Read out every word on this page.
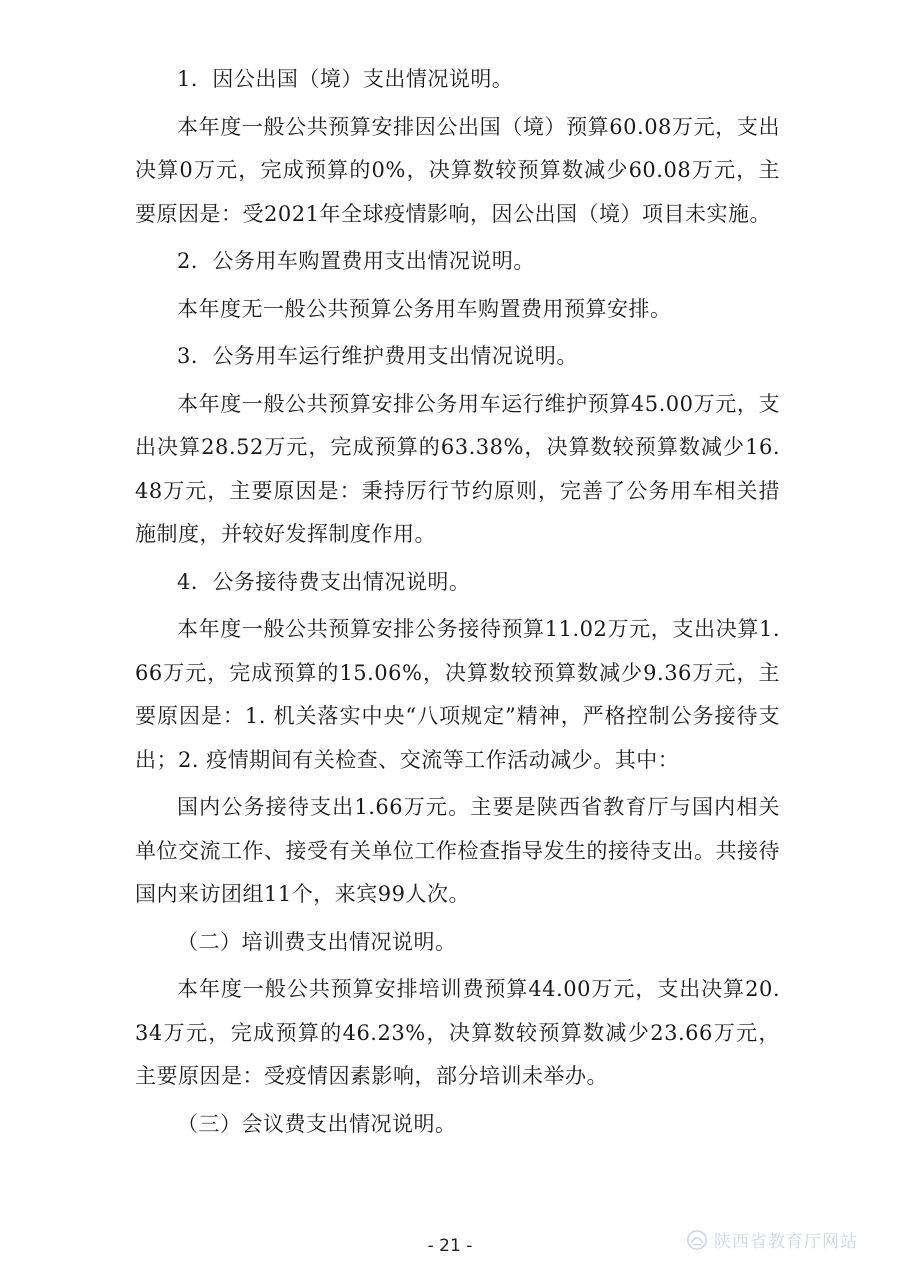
1．因公出国（境）支出情况说明。

本年度一般公共预算安排因公出国（境）预算60.08万元，支出决算0万元，完成预算的0%，决算数较预算数减少60.08万元，主要原因是：受2021年全球疫情影响，因公出国（境）项目未实施。

2．公务用车购置费用支出情况说明。

本年度无一般公共预算公务用车购置费用预算安排。

3．公务用车运行维护费用支出情况说明。

本年度一般公共预算安排公务用车运行维护预算45.00万元，支出决算28.52万元，完成预算的63.38%，决算数较预算数减少16.48万元，主要原因是：秉持厉行节约原则，完善了公务用车相关措施制度，并较好发挥制度作用。

4．公务接待费支出情况说明。

本年度一般公共预算安排公务接待预算11.02万元，支出决算1.66万元，完成预算的15.06%，决算数较预算数减少9.36万元，主要原因是：1. 机关落实中央“八项规定”精神，严格控制公务接待支出；2. 疫情期间有关检查、交流等工作活动减少。其中：

国内公务接待支出1.66万元。主要是陕西省教育厅与国内相关单位交流工作、接受有关单位工作检查指导发生的接待支出。共接待国内来访团组11个，来宾99人次。

（二）培训费支出情况说明。

本年度一般公共预算安排培训费预算44.00万元，支出决算20.34万元，完成预算的46.23%，决算数较预算数减少23.66万元，主要原因是：受疫情因素影响，部分培训未举办。

（三）会议费支出情况说明。

- 21 -	陕西省教育厅网站
